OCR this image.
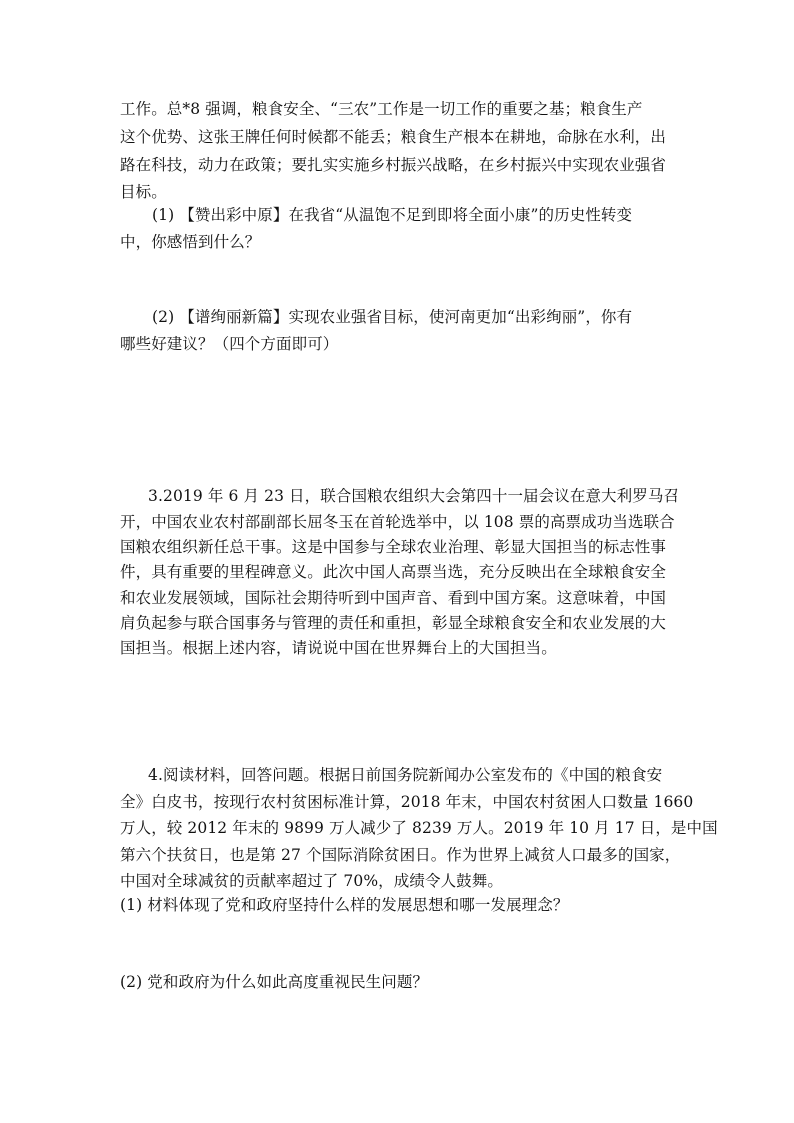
工作。总*8 强调，粮食安全、“三农”工作是一切工作的重要之基；粮食生产
这个优势、这张王牌任何时候都不能丢；粮食生产根本在耕地，命脉在水利，出
路在科技，动力在政策；要扎实实施乡村振兴战略，在乡村振兴中实现农业强省
目标。
(1) 【赞出彩中原】在我省“从温饱不足到即将全面小康”的历史性转变
中，你感悟到什么？
(2) 【谱绚丽新篇】实现农业强省目标，使河南更加“出彩绚丽”，你有
哪些好建议？（四个方面即可）
3.2019 年 6 月 23 日，联合国粮农组织大会第四十一届会议在意大利罗马召
开，中国农业农村部副部长屈冬玉在首轮选举中，以 108 票的高票成功当选联合
国粮农组织新任总干事。这是中国参与全球农业治理、彰显大国担当的标志性事
件，具有重要的里程碑意义。此次中国人高票当选，充分反映出在全球粮食安全
和农业发展领域，国际社会期待听到中国声音、看到中国方案。这意味着，中国
肩负起参与联合国事务与管理的责任和重担，彰显全球粮食安全和农业发展的大
国担当。根据上述内容，请说说中国在世界舞台上的大国担当。
4.阅读材料，回答问题。根据日前国务院新闻办公室发布的《中国的粮食安
全》白皮书，按现行农村贫困标准计算，2018 年末，中国农村贫困人口数量 1660
万人，较 2012 年末的 9899 万人减少了 8239 万人。2019 年 10 月 17 日，是中国
第六个扶贫日，也是第 27 个国际消除贫困日。作为世界上减贫人口最多的国家，
中国对全球减贫的贡献率超过了 70%，成绩令人鼓舞。
(1) 材料体现了党和政府坚持什么样的发展思想和哪一发展理念？
(2) 党和政府为什么如此高度重视民生问题？
